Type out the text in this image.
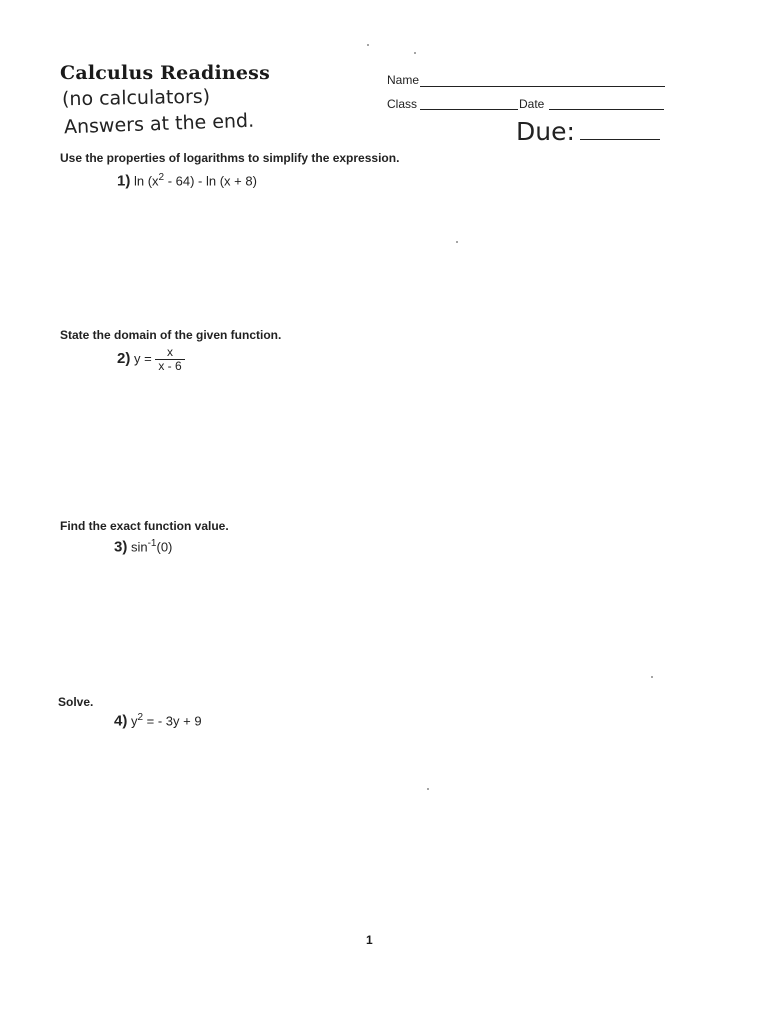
Calculus Readiness
(no calculators)
Answers at the end.
Name
Class	Date
Due:
Use the properties of logarithms to simplify the expression.
1) $\ln (x^2 - 64) - \ln (x + 8)$
State the domain of the given function.
2) $y = \frac{x}{x - 6}$
Find the exact function value.
3) $\sin^{-1}(0)$
Solve.
4) $y^2$ = - 3y + 9
1
